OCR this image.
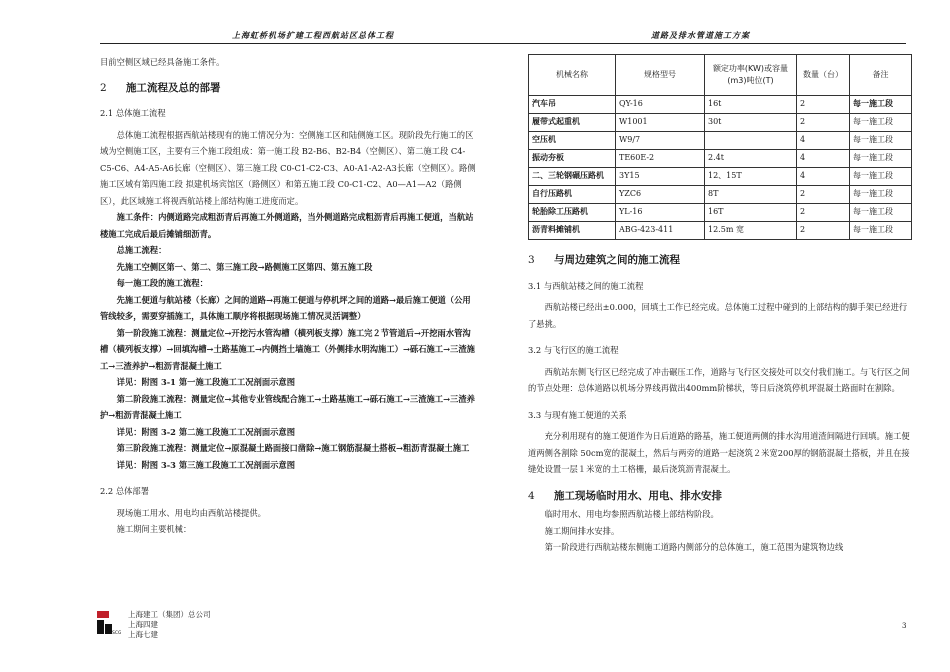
上海虹桥机场扩建工程西航站区总体工程	道路及排水管道施工方案

目前空侧区域已经具备施工条件。

2 施工流程及总的部署

2.1 总体施工流程

总体施工流程根据西航站楼现有的施工情况分为：空侧施工区和陆侧施工区。现阶段先行施工的区域为空侧施工区，主要有三个施工段组成：第一施工段 B2-B6、B2-B4（空侧区）、第二施工段 C4-C5-C6、A4-A5-A6长廊（空侧区）、第三施工段 C0-C1-C2-C3、A0-A1-A2-A3长廊（空侧区）。路侧施工区域有第四施工段 拟建机场宾馆区（路侧区）和第五施工段 C0-C1-C2、A0—A1—A2（路侧区），此区域施工将视西航站楼上部结构施工进度而定。

施工条件：内侧道路完成粗沥青后再施工外侧道路，当外侧道路完成粗沥青后再施工便道，当航站楼施工完成后最后摊铺细沥青。

总施工流程：

先施工空侧区第一、第二、第三施工段→路侧施工区第四、第五施工段

每一施工段的施工流程：

先施工便道与航站楼（长廊）之间的道路→再施工便道与停机坪之间的道路→最后施工便道（公用管线较多，需要穿插施工，具体施工顺序将根据现场施工情况灵活调整）

第一阶段施工流程：测量定位→开挖污水管沟槽（横列板支撑）施工完２节管道后→开挖雨水管沟槽（横列板支撑）→回填沟槽→土路基施工→内侧挡土墙施工（外侧排水明沟施工）→砾石施工→三渣施工→三渣养护→粗沥青混凝土施工

详见：附图 3-1 第一施工段施工工况剖面示意图

第二阶段施工流程：测量定位→其他专业管线配合施工→土路基施工→砾石施工→三渣施工→三渣养护→粗沥青混凝土施工

详见：附图 3-2 第二施工段施工工况剖面示意图

第三阶段施工流程：测量定位→原混凝土路面接口凿除→施工钢筋混凝土搭板→粗沥青混凝土施工

详见：附图 3-3 第三施工段施工工况剖面示意图

2.2 总体部署

现场施工用水、用电均由西航站楼提供。

施工期间主要机械：

机械名称	规格型号	额定功率(KW)或容量(m3)吨位(T)	数量（台）	备注
汽车吊	QY-16	16t	2	每一施工段
履带式起重机	W1001	30t	2	每一施工段
空压机	W9/7		4	每一施工段
振动夯板	TE60E-2	2.4t	4	每一施工段
二、三轮钢碾压路机	3Y15	12、15T	4	每一施工段
自行压路机	YZC6	8T	2	每一施工段
轮胎除工压路机	YL-16	16T	2	每一施工段
沥青料摊铺机	ABG-423-411	12.5m 宽	2	每一施工段
3 与周边建筑之间的施工流程

3.1 与西航站楼之间的施工流程

西航站楼已经出±0.000，回填土工作已经完成。总体施工过程中碰到的上部结构的脚手架已经进行了悬挑。

3.2 与飞行区的施工流程

西航站东侧飞行区已经完成了冲击碾压工作，道路与飞行区交接处可以交付我们施工。与飞行区之间的节点处理：总体道路以机场分界线再做出400mm阶梯状，等日后浇筑停机坪混凝土路面时在割除。

3.3 与现有施工便道的关系

充分利用现有的施工便道作为日后道路的路基，施工便道两侧的排水沟用道渣间隔进行回填。施工便道两侧各割除 50cm宽的混凝土，然后与两旁的道路一起浇筑２米宽200厚的钢筋混凝土搭板，并且在接缝处设置一层１米宽的土工格栅，最后浇筑沥青混凝土。

4 施工现场临时用水、用电、排水安排

临时用水、用电均参照西航站楼上部结构阶段。

施工期间排水安排。

第一阶段进行西航站楼东侧施工道路内侧部分的总体施工，施工范围为建筑物边线

SCG
上海建工（集团）总公司
上海四建
上海七建
3
